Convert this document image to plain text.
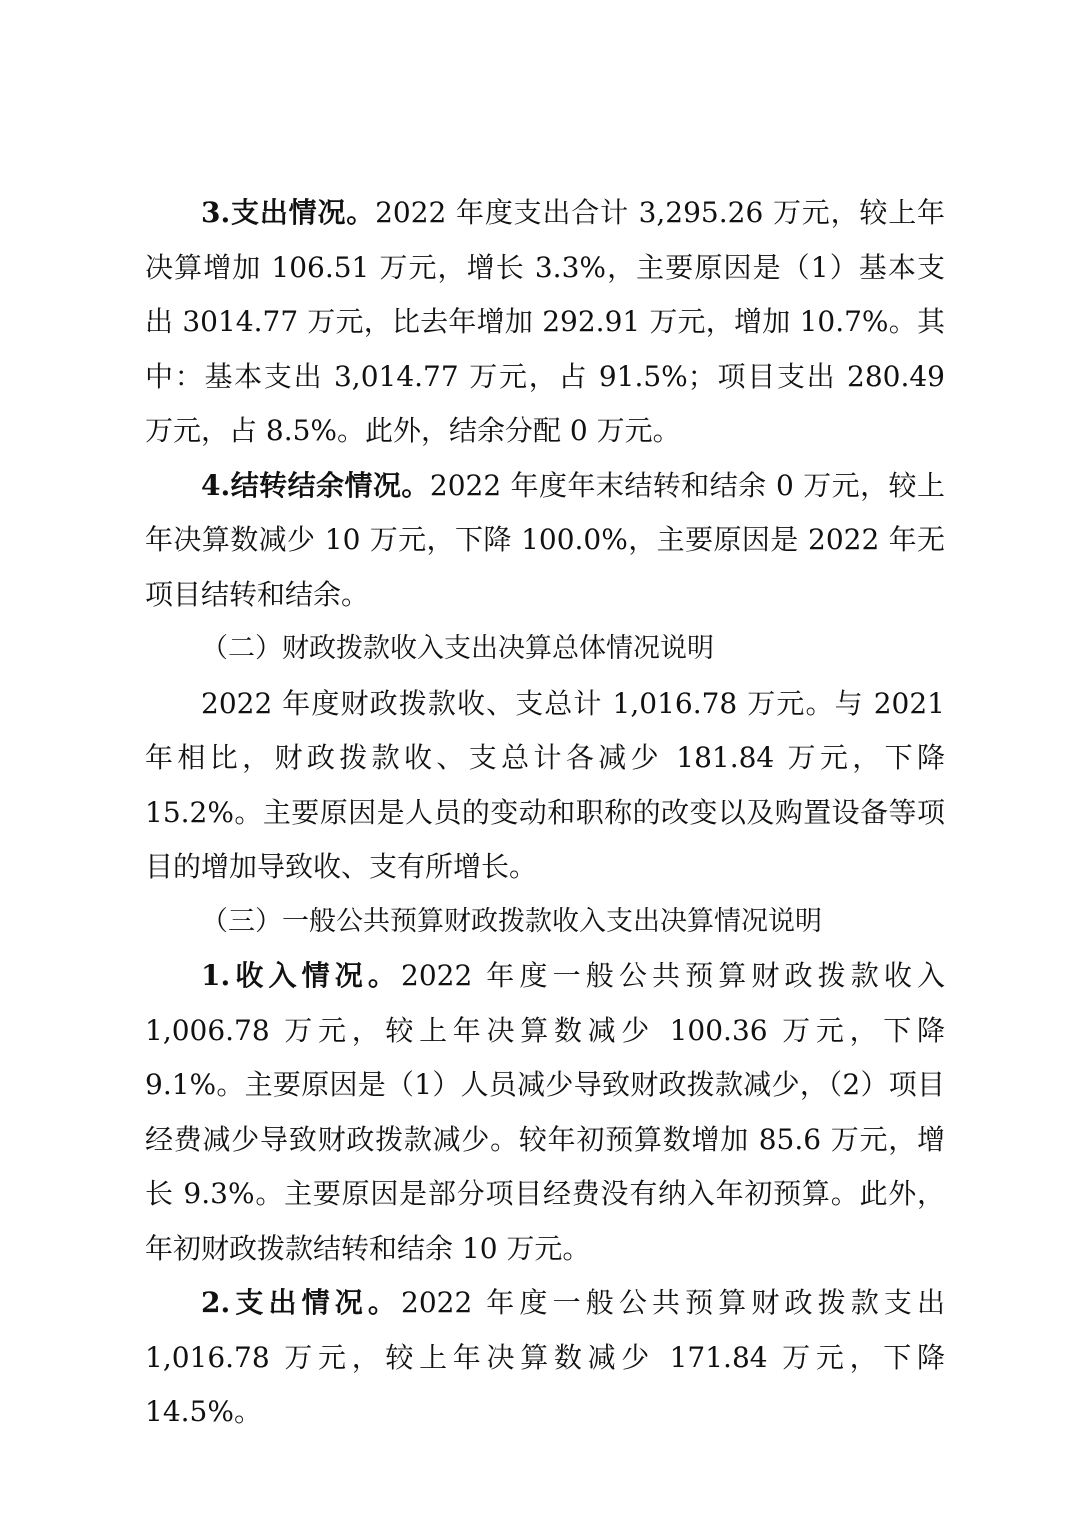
3.支出情况。2022 年度支出合计 3,295.26 万元，较上年决算增加 106.51 万元，增长 3.3%，主要原因是（1）基本支出 3014.77 万元，比去年增加 292.91 万元，增加 10.7%。其中：基本支出 3,014.77 万元，占 91.5%；项目支出 280.49 万元，占 8.5%。此外，结余分配 0 万元。

4.结转结余情况。2022 年度年末结转和结余 0 万元，较上年决算数减少 10 万元，下降 100.0%，主要原因是 2022 年无项目结转和结余。

（二）财政拨款收入支出决算总体情况说明

2022 年度财政拨款收、支总计 1,016.78 万元。与 2021 年相比，财政拨款收、支总计各减少 181.84 万元，下降 15.2%。主要原因是人员的变动和职称的改变以及购置设备等项目的增加导致收、支有所增长。

（三）一般公共预算财政拨款收入支出决算情况说明

1.收入情况。2022 年度一般公共预算财政拨款收入 1,006.78 万元，较上年决算数减少 100.36 万元，下降 9.1%。主要原因是（1）人员减少导致财政拨款减少，（2）项目经费减少导致财政拨款减少。较年初预算数增加 85.6 万元，增长 9.3%。主要原因是部分项目经费没有纳入年初预算。此外，年初财政拨款结转和结余 10 万元。

2.支出情况。2022 年度一般公共预算财政拨款支出 1,016.78 万元，较上年决算数减少 171.84 万元，下降 14.5%。
